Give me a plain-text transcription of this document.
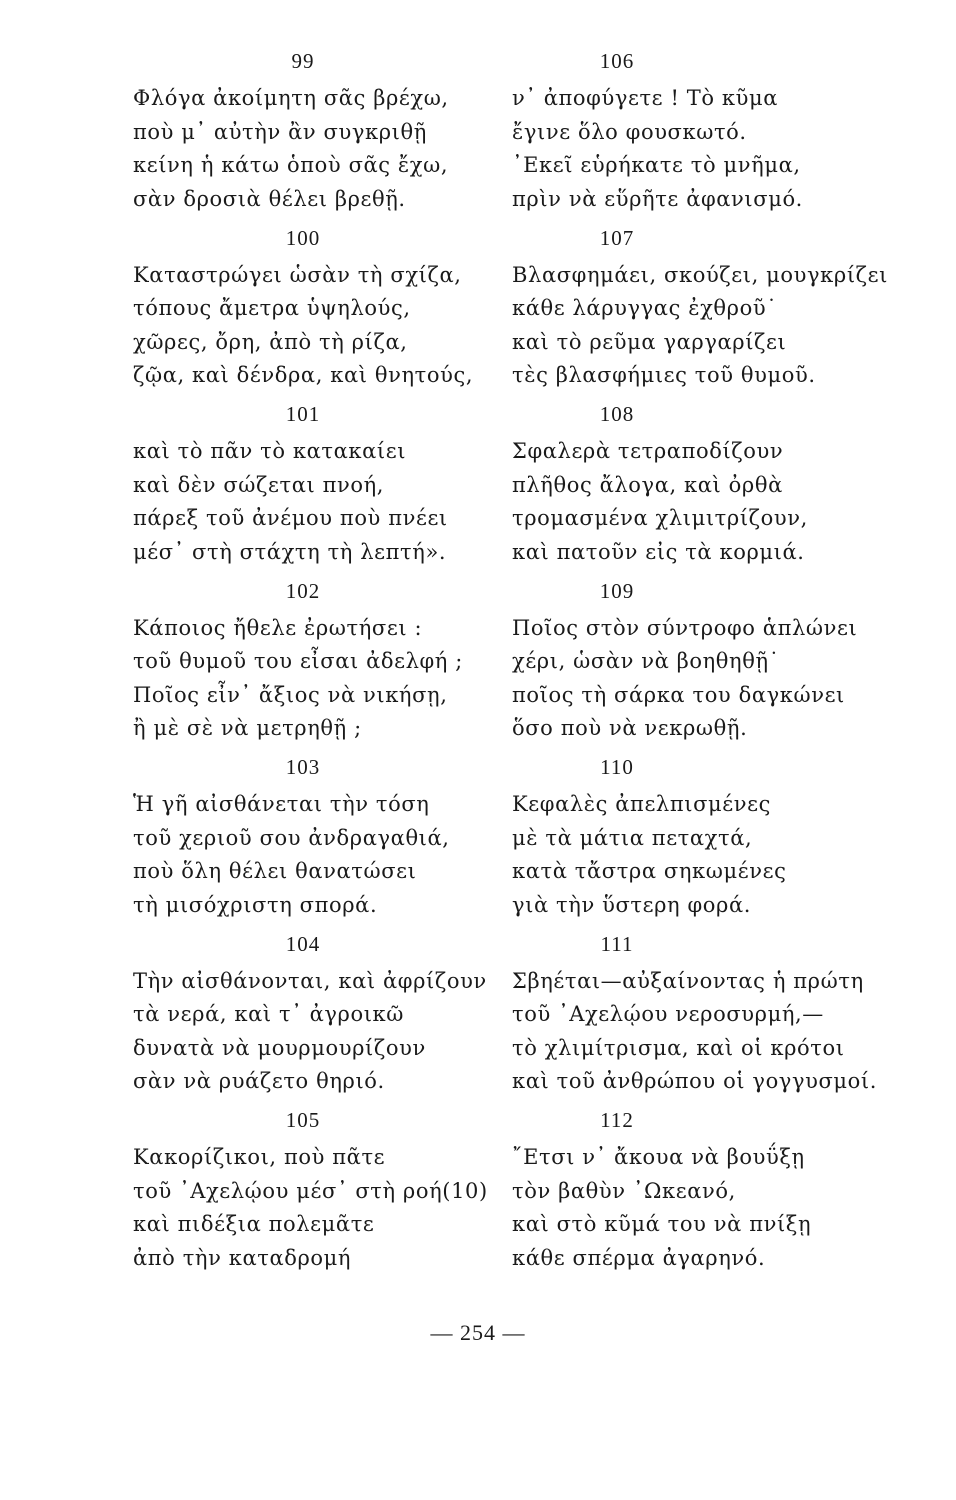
99
Φλόγα ἀκοίμητη σᾶς βρέχω,
ποὺ μ᾽ αὐτὴν ἂν συγκριθῇ
κείνη ἡ κάτω ὁποὺ σᾶς ἔχω,
σὰν δροσιὰ θέλει βρεθῇ.
100
Καταστρώγει ὡσὰν τὴ σχίζα,
τόπους ἄμετρα ὑψηλούς,
χῶρες, ὄρη, ἀπὸ τὴ ρίζα,
ζῷα, καὶ δένδρα, καὶ θνητούς,
101
καὶ τὸ πᾶν τὸ κατακαίει
καὶ δὲν σώζεται πνοή,
πάρεξ τοῦ ἀνέμου ποὺ πνέει
μέσ᾽ στὴ στάχτη τὴ λεπτή».
102
Κάποιος ἤθελε ἐρωτήσει :
τοῦ θυμοῦ του εἶσαι ἀδελφή ;
Ποῖος εἶν᾽ ἄξιος νὰ νικήσῃ,
ἢ μὲ σὲ νὰ μετρηθῇ ;
103
Ἡ γῆ αἰσθάνεται τὴν τόση
τοῦ χεριοῦ σου ἀνδραγαθιά,
ποὺ ὅλη θέλει θανατώσει
τὴ μισόχριστη σπορά.
104
Τὴν αἰσθάνονται, καὶ ἀφρίζουν
τὰ νερά, καὶ τ᾽ ἀγροικῶ
δυνατὰ νὰ μουρμουρίζουν
σὰν νὰ ρυάζετο θηριό.
105
Κακορίζικοι, ποὺ πᾶτε
τοῦ ᾽Αχελῴου μέσ᾽ στὴ ροή(10)
καὶ πιδέξια πολεμᾶτε
ἀπὸ τὴν καταδρομή
106
ν᾽ ἀποφύγετε ! Τὸ κῦμα
ἔγινε ὅλο φουσκωτό.
᾽Εκεῖ εὑρήκατε τὸ μνῆμα,
πρὶν νὰ εὕρῆτε ἀφανισμό.
107
Βλασφημάει, σκούζει, μουγκρίζει
κάθε λάρυγγας ἐχθροῦ˙
καὶ τὸ ρεῦμα γαργαρίζει
τὲς βλασφήμιες τοῦ θυμοῦ.
108
Σφαλερὰ τετραποδίζουν
πλῆθος ἄλογα, καὶ ὀρθὰ
τρομασμένα χλιμιτρίζουν,
καὶ πατοῦν εἰς τὰ κορμιά.
109
Ποῖος στὸν σύντροφο ἁπλώνει
χέρι, ὡσὰν νὰ βοηθηθῇ˙
ποῖος τὴ σάρκα του δαγκώνει
ὅσο ποὺ νὰ νεκρωθῇ.
110
Κεφαλὲς ἀπελπισμένες
μὲ τὰ μάτια πεταχτά,
κατὰ τἄστρα σηκωμένες
γιὰ τὴν ὕστερη φορά.
111
Σβηέται—αὐξαίνοντας ἡ πρώτη
τοῦ ᾽Αχελῴου νεροσυρμή,—
τὸ χλιμίτρισμα, καὶ οἱ κρότοι
καὶ τοῦ ἀνθρώπου οἱ γογγυσμοί.
112
῎Ετσι ν᾽ ἄκουα νὰ βουΰξῃ
τὸν βαθὺν ᾽Ωκεανό,
καὶ στὸ κῦμά του νὰ πνίξῃ
κάθε σπέρμα ἀγαρηνό.
— 254 —
